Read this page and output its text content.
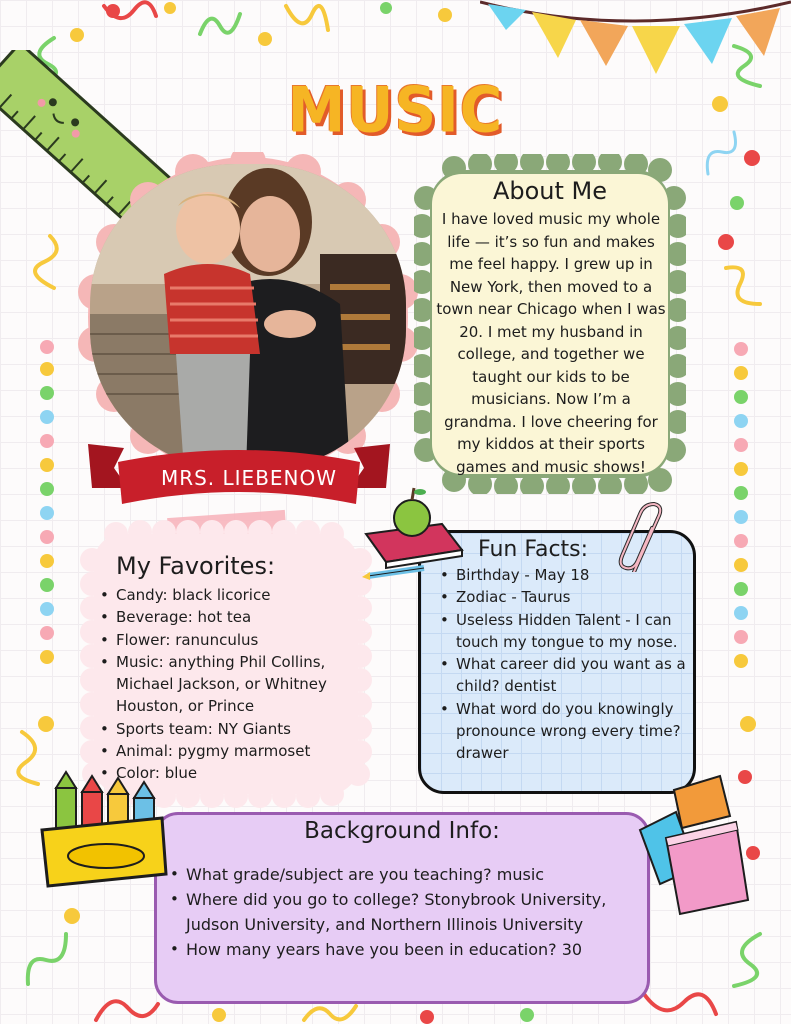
MUSIC
MRS. LIEBENOW
About Me
I have loved music my whole life — it’s so fun and makes me feel happy. I grew up in New York, then moved to a town near Chicago when I was 20. I met my husband in college, and together we taught our kids to be musicians. Now I’m a grandma. I love cheering for my kiddos at their sports games and music shows!
My Favorites:
• Candy: black licorice
• Beverage: hot tea
• Flower: ranunculus
• Music: anything Phil Collins, Michael Jackson, or Whitney Houston, or Prince
• Sports team: NY Giants
• Animal: pygmy marmoset
• Color: blue
Fun Facts:
• Birthday - May 18
• Zodiac - Taurus
• Useless Hidden Talent - I can touch my tongue to my nose.
• What career did you want as a child? dentist
• What word do you knowingly pronounce wrong every time? drawer
Background Info:
• What grade/subject are you teaching? music
• Where did you go to college? Stonybrook University, Judson University, and Northern Illinois University
• How many years have you been in education? 30
